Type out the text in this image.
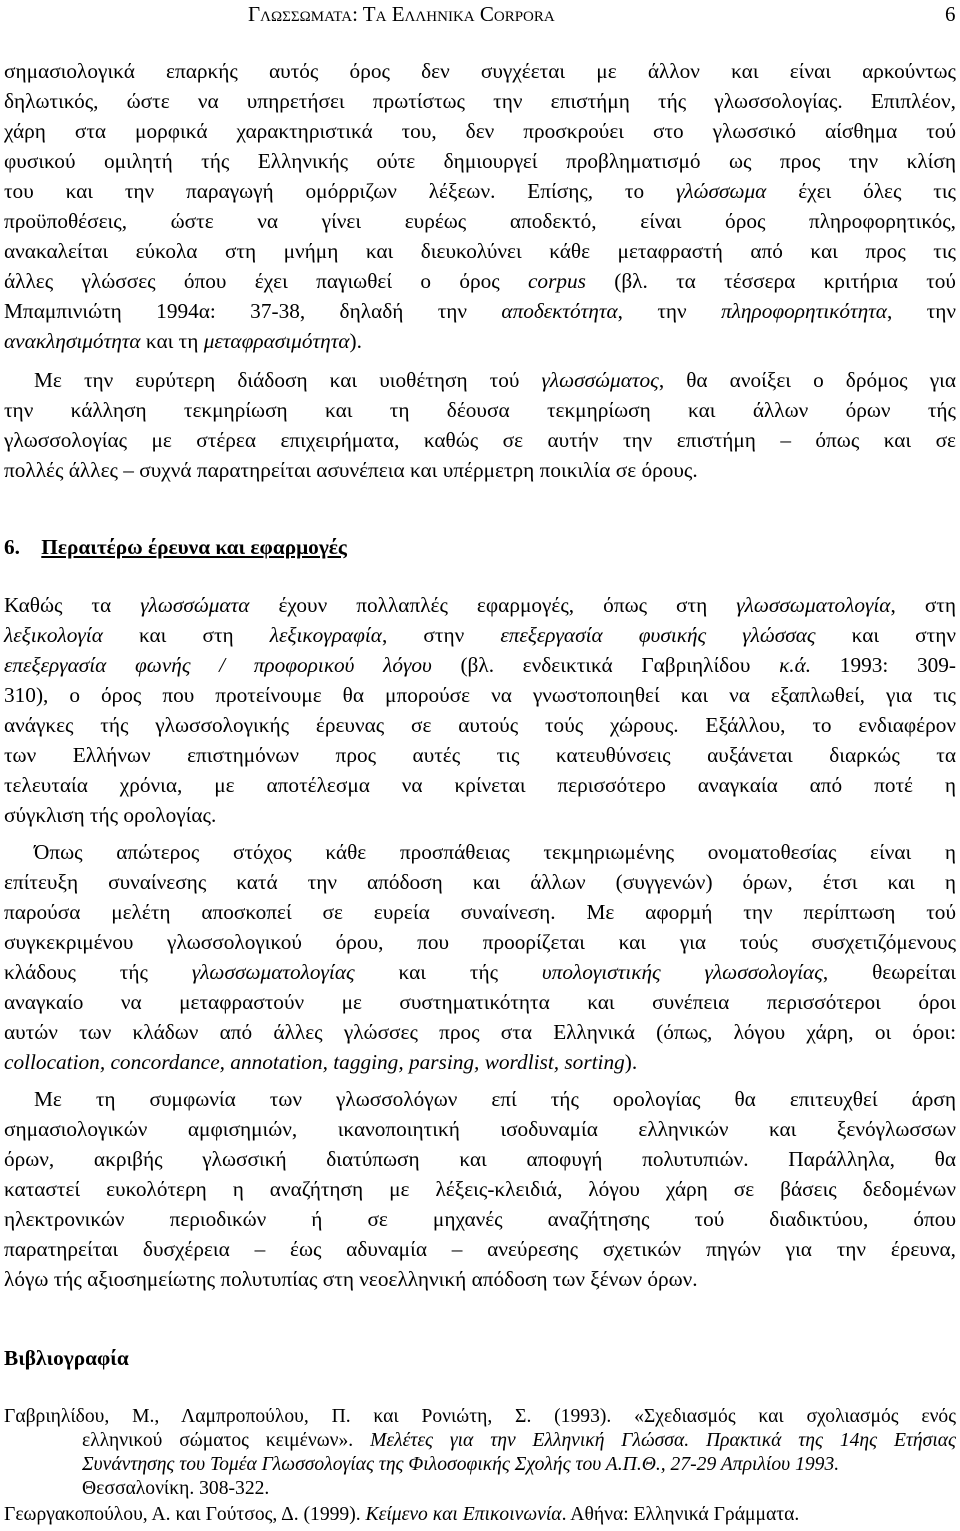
Γλωσσωματα: Τα Ελληνικα Corpora	6
σημασιολογικά επαρκής αυτός όρος δεν συγχέεται με άλλον και είναι αρκούντως
δηλωτικός, ώστε να υπηρετήσει πρωτίστως την επιστήμη τής γλωσσολογίας. Επιπλέον,
χάρη στα μορφικά χαρακτηριστικά του, δεν προσκρούει στο γλωσσικό αίσθημα τού
φυσικού ομιλητή τής Ελληνικής ούτε δημιουργεί προβληματισμό ως προς την κλίση
του και την παραγωγή ομόρριζων λέξεων. Επίσης, το γλώσσωμα έχει όλες τις
προϋποθέσεις, ώστε να γίνει ευρέως αποδεκτό, είναι όρος πληροφορητικός,
ανακαλείται εύκολα στη μνήμη και διευκολύνει κάθε μεταφραστή από και προς τις
άλλες γλώσσες όπου έχει παγιωθεί ο όρος corpus (βλ. τα τέσσερα κριτήρια τού
Μπαμπινιώτη 1994α: 37-38, δηλαδή την αποδεκτότητα, την πληροφορητικότητα, την
ανακλησιμότητα και τη μεταφρασιμότητα).
Με την ευρύτερη διάδοση και υιοθέτηση τού γλωσσώματος, θα ανοίξει ο δρόμος για
την κάλληση τεκμηρίωση και τη δέουσα τεκμηρίωση και άλλων όρων τής
γλωσσολογίας με στέρεα επιχειρήματα, καθώς σε αυτήν την επιστήμη – όπως και σε
πολλές άλλες – συχνά παρατηρείται ασυνέπεια και υπέρμετρη ποικιλία σε όρους.
6. Περαιτέρω έρευνα και εφαρμογές
Καθώς τα γλωσσώματα έχουν πολλαπλές εφαρμογές, όπως στη γλωσσωματολογία, στη
λεξικολογία και στη λεξικογραφία, στην επεξεργασία φυσικής γλώσσας και στην
επεξεργασία φωνής / προφορικού λόγου (βλ. ενδεικτικά Γαβριηλίδου κ.ά. 1993: 309-
310), ο όρος που προτείνουμε θα μπορούσε να γνωστοποιηθεί και να εξαπλωθεί, για τις
ανάγκες τής γλωσσολογικής έρευνας σε αυτούς τούς χώρους. Εξάλλου, το ενδιαφέρον
των Ελλήνων επιστημόνων προς αυτές τις κατευθύνσεις αυξάνεται διαρκώς τα
τελευταία χρόνια, με αποτέλεσμα να κρίνεται περισσότερο αναγκαία από ποτέ η
σύγκλιση τής ορολογίας.
Όπως απώτερος στόχος κάθε προσπάθειας τεκμηριωμένης ονοματοθεσίας είναι η
επίτευξη συναίνεσης κατά την απόδοση και άλλων (συγγενών) όρων, έτσι και η
παρούσα μελέτη αποσκοπεί σε ευρεία συναίνεση. Με αφορμή την περίπτωση τού
συγκεκριμένου γλωσσολογικού όρου, που προορίζεται και για τούς συσχετιζόμενους
κλάδους τής γλωσσωματολογίας και τής υπολογιστικής γλωσσολογίας, θεωρείται
αναγκαίο να μεταφραστούν με συστηματικότητα και συνέπεια περισσότεροι όροι
αυτών των κλάδων από άλλες γλώσσες προς στα Ελληνικά (όπως, λόγου χάρη, οι όροι:
collocation, concordance, annotation, tagging, parsing, wordlist, sorting).
Με τη συμφωνία των γλωσσολόγων επί τής ορολογίας θα επιτευχθεί άρση
σημασιολογικών αμφισημιών, ικανοποιητική ισοδυναμία ελληνικών και ξενόγλωσσων
όρων, ακριβής γλωσσική διατύπωση και αποφυγή πολυτυπιών. Παράλληλα, θα
καταστεί ευκολότερη η αναζήτηση με λέξεις-κλειδιά, λόγου χάρη σε βάσεις δεδομένων
ηλεκτρονικών περιοδικών ή σε μηχανές αναζήτησης τού διαδικτύου, όπου
παρατηρείται δυσχέρεια – έως αδυναμία – ανεύρεσης σχετικών πηγών για την έρευνα,
λόγω τής αξιοσημείωτης πολυτυπίας στη νεοελληνική απόδοση των ξένων όρων.
Βιβλιογραφία
Γαβριηλίδου, Μ., Λαμπροπούλου, Π. και Ρονιώτη, Σ. (1993). «Σχεδιασμός και σχολιασμός ενός
ελληνικού σώματος κειμένων». Μελέτες για την Ελληνική Γλώσσα. Πρακτικά της 14ης Ετήσιας
Συνάντησης του Τομέα Γλωσσολογίας της Φιλοσοφικής Σχολής του Α.Π.Θ., 27-29 Απριλίου 1993.
Θεσσαλονίκη. 308-322.
Γεωργακοπούλου, Α. και Γούτσος, Δ. (1999). Κείμενο και Επικοινωνία. Αθήνα: Ελληνικά Γράμματα.
